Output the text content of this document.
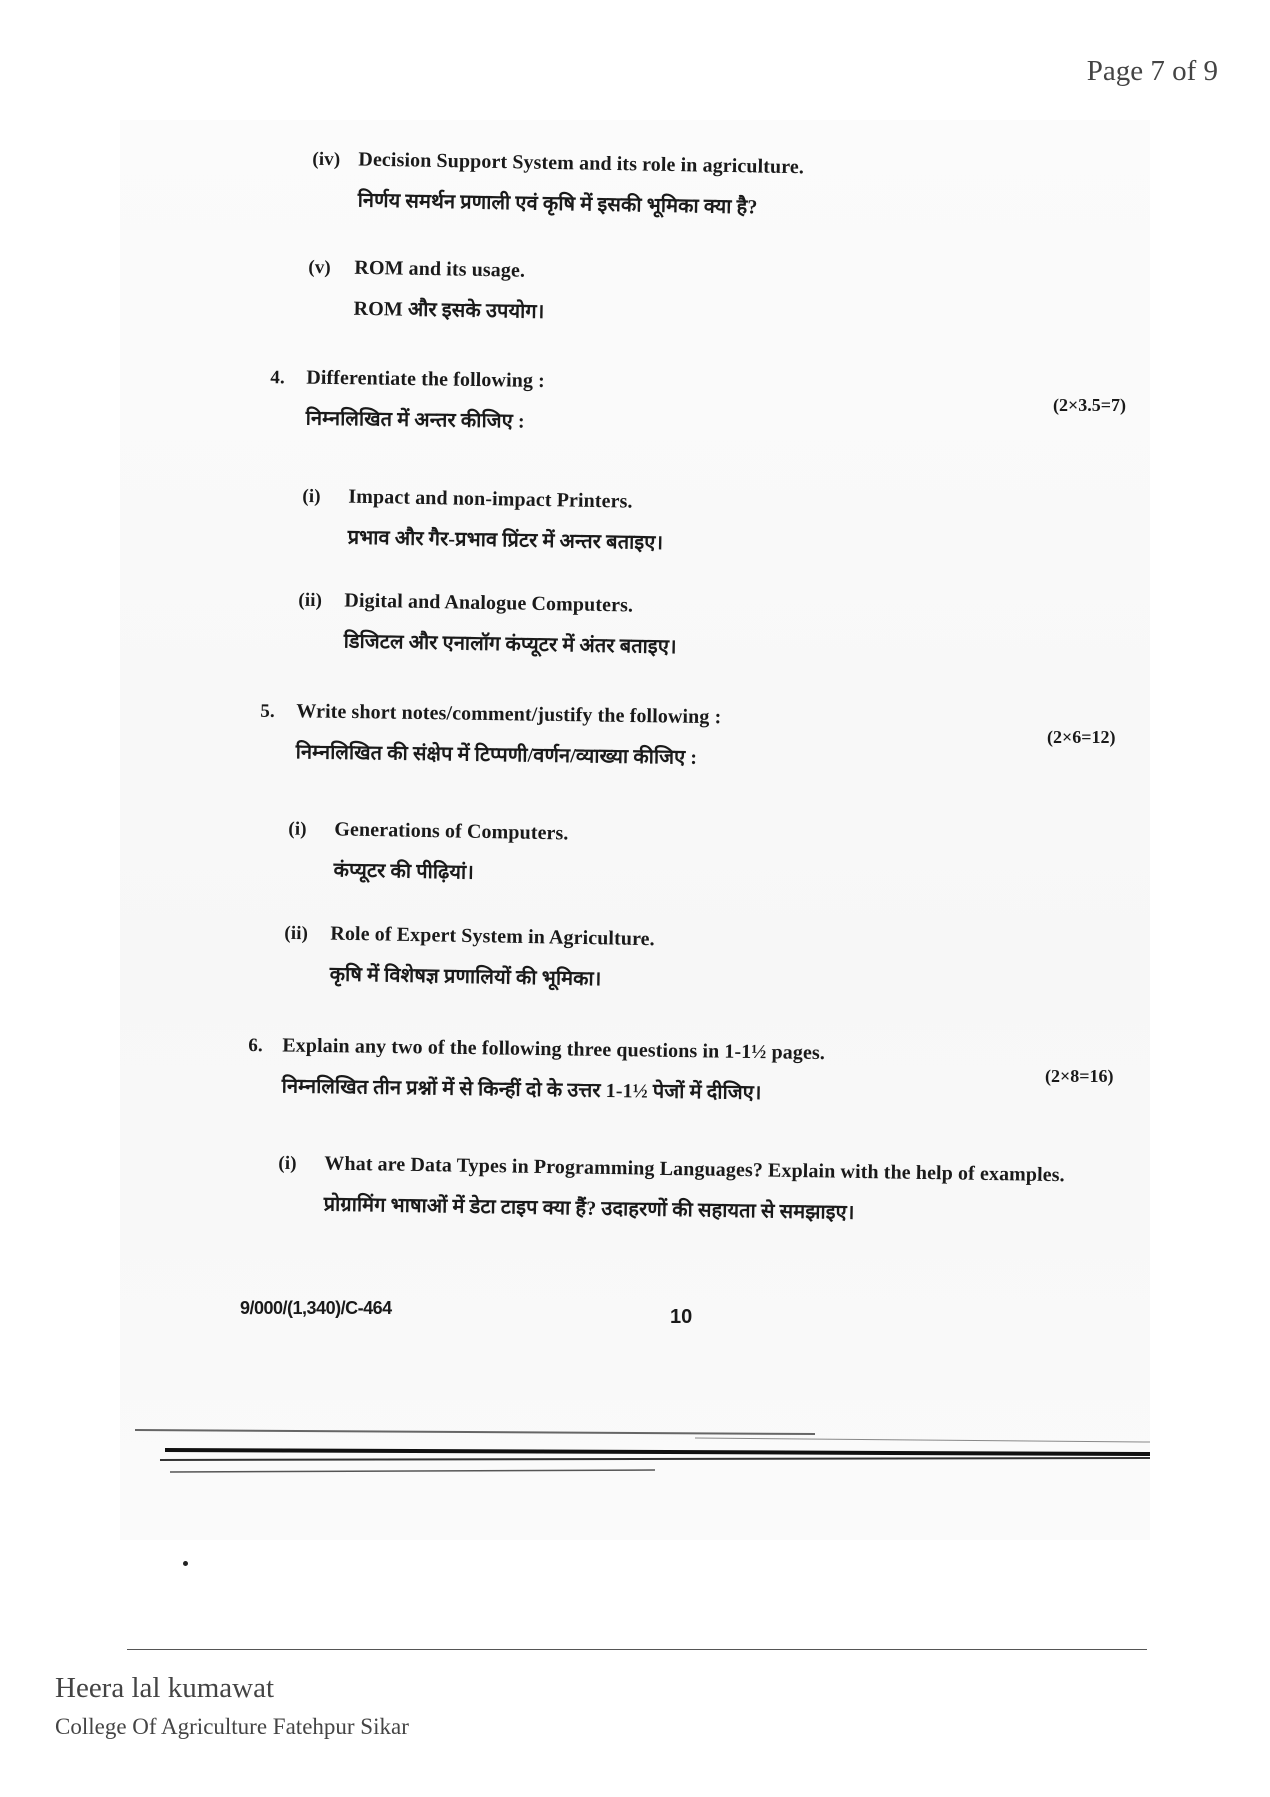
Page 7 of 9
(iv) Decision Support System and its role in agriculture.
निर्णय समर्थन प्रणाली एवं कृषि में इसकी भूमिका क्या है?
(v) ROM and its usage.
ROM और इसके उपयोग।
4. Differentiate the following :
निम्नलिखित में अन्तर कीजिए :
(2×3.5=7)
(i) Impact and non-impact Printers.
प्रभाव और गैर-प्रभाव प्रिंटर में अन्तर बताइए।
(ii) Digital and Analogue Computers.
डिजिटल और एनालॉग कंप्यूटर में अंतर बताइए।
5. Write short notes/comment/justify the following :
निम्नलिखित की संक्षेप में टिप्पणी/वर्णन/व्याख्या कीजिए :
(2×6=12)
(i) Generations of Computers.
कंप्यूटर की पीढ़ियां।
(ii) Role of Expert System in Agriculture.
कृषि में विशेषज्ञ प्रणालियों की भूमिका।
6. Explain any two of the following three questions in 1-1½ pages.
निम्नलिखित तीन प्रश्नों में से किन्हीं दो के उत्तर 1-1½ पेजों में दीजिए।	(2×8=16)
(i) What are Data Types in Programming Languages? Explain with the help of examples.
प्रोग्रामिंग भाषाओं में डेटा टाइप क्या हैं? उदाहरणों की सहायता से समझाइए।
9/000/(1,340)/C-464	10
Heera lal kumawat
College Of Agriculture Fatehpur Sikar
